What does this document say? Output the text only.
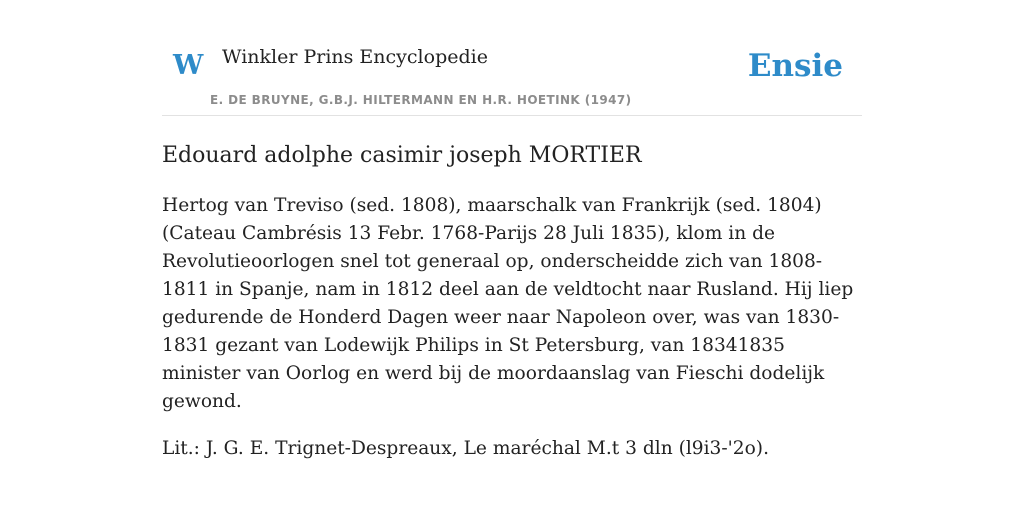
W Winkler Prins Encyclopedie
E. DE BRUYNE, G.B.J. HILTERMANN EN H.R. HOETINK (1947)
Ensie
Edouard adolphe casimir joseph MORTIER

Hertog van Treviso (sed. 1808), maarschalk van Frankrijk (sed. 1804) (Cateau Cambrésis 13 Febr. 1768-Parijs 28 Juli 1835), klom in de Revolutieoorlogen snel tot generaal op, onderscheidde zich van 1808-1811 in Spanje, nam in 1812 deel aan de veldtocht naar Rusland. Hij liep gedurende de Honderd Dagen weer naar Napoleon over, was van 1830-1831 gezant van Lodewijk Philips in St Petersburg, van 18341835 minister van Oorlog en werd bij de moordaanslag van Fieschi dodelijk gewond.

Lit.: J. G. E. Trignet-Despreaux, Le maréchal M.t 3 dln (l9i3-'2o).
